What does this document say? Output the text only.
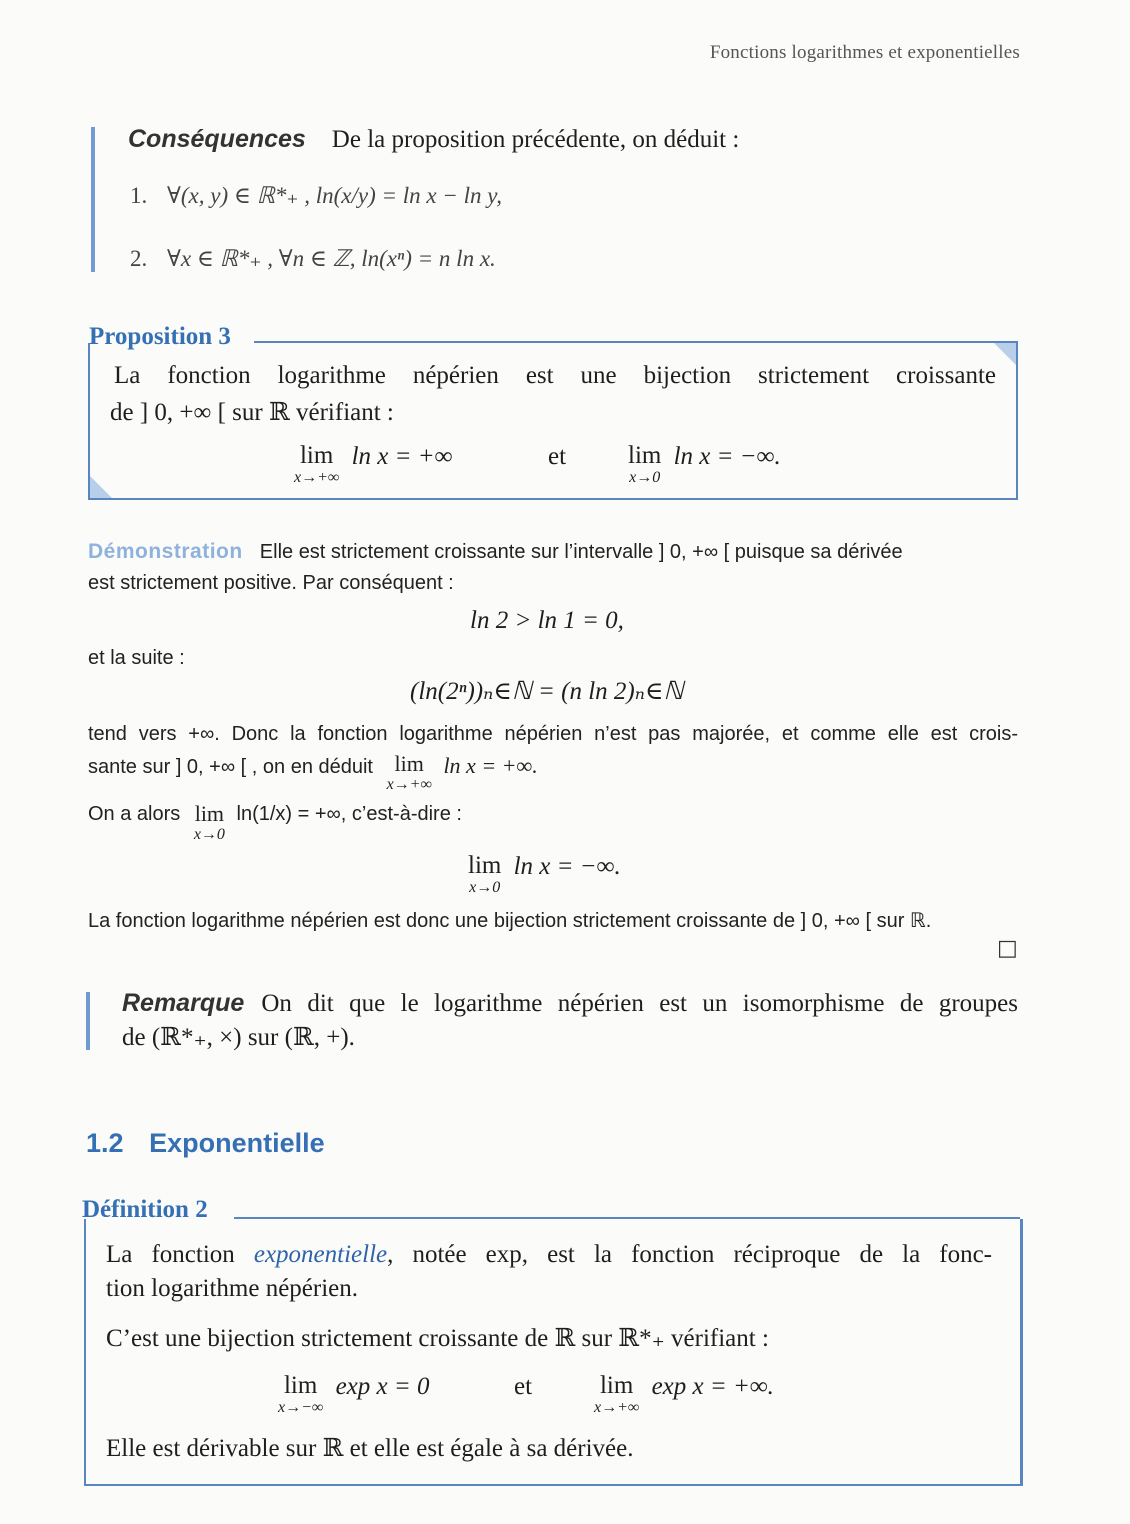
Fonctions logarithmes et exponentielles
Conséquences De la proposition précédente, on déduit :
1. ∀(x, y) ∈ ℝ*₊ , ln(x/y) = ln x − ln y,
2. ∀x ∈ ℝ*₊ , ∀n ∈ ℤ, ln(xⁿ) = n ln x.
Proposition 3
La fonction logarithme népérien est une bijection strictement croissante
de ] 0, +∞ [ sur ℝ vérifiant :
lim
x→+∞
ln x = +∞	et lim
x→0
ln x = −∞.
Démonstration Elle est strictement croissante sur l’intervalle ] 0, +∞ [ puisque sa dérivée
est strictement positive. Par conséquent :
ln 2 > ln 1 = 0,
et la suite :
(ln(2ⁿ))ₙ∈ℕ = (n ln 2)ₙ∈ℕ
tend vers +∞. Donc la fonction logarithme népérien n’est pas majorée, et comme elle est crois-
sante sur ] 0, +∞ [ , on en déduit lim
x→+∞
ln x = +∞.
On a alors lim
x→0
ln(1/x) = +∞, c’est-à-dire :
lim
x→0
ln x = −∞.
La fonction logarithme népérien est donc une bijection strictement croissante de ] 0, +∞ [ sur ℝ.
□
Remarque On dit que le logarithme népérien est un isomorphisme de groupes
de (ℝ*₊, ×) sur (ℝ, +).
1.2 Exponentielle
Définition 2
La fonction exponentielle, notée exp, est la fonction réciproque de la fonc-
tion logarithme népérien.
C’est une bijection strictement croissante de ℝ sur ℝ*₊ vérifiant :
lim
x→−∞
exp x = 0	et	lim
x→+∞
exp x = +∞.
Elle est dérivable sur ℝ et elle est égale à sa dérivée.
